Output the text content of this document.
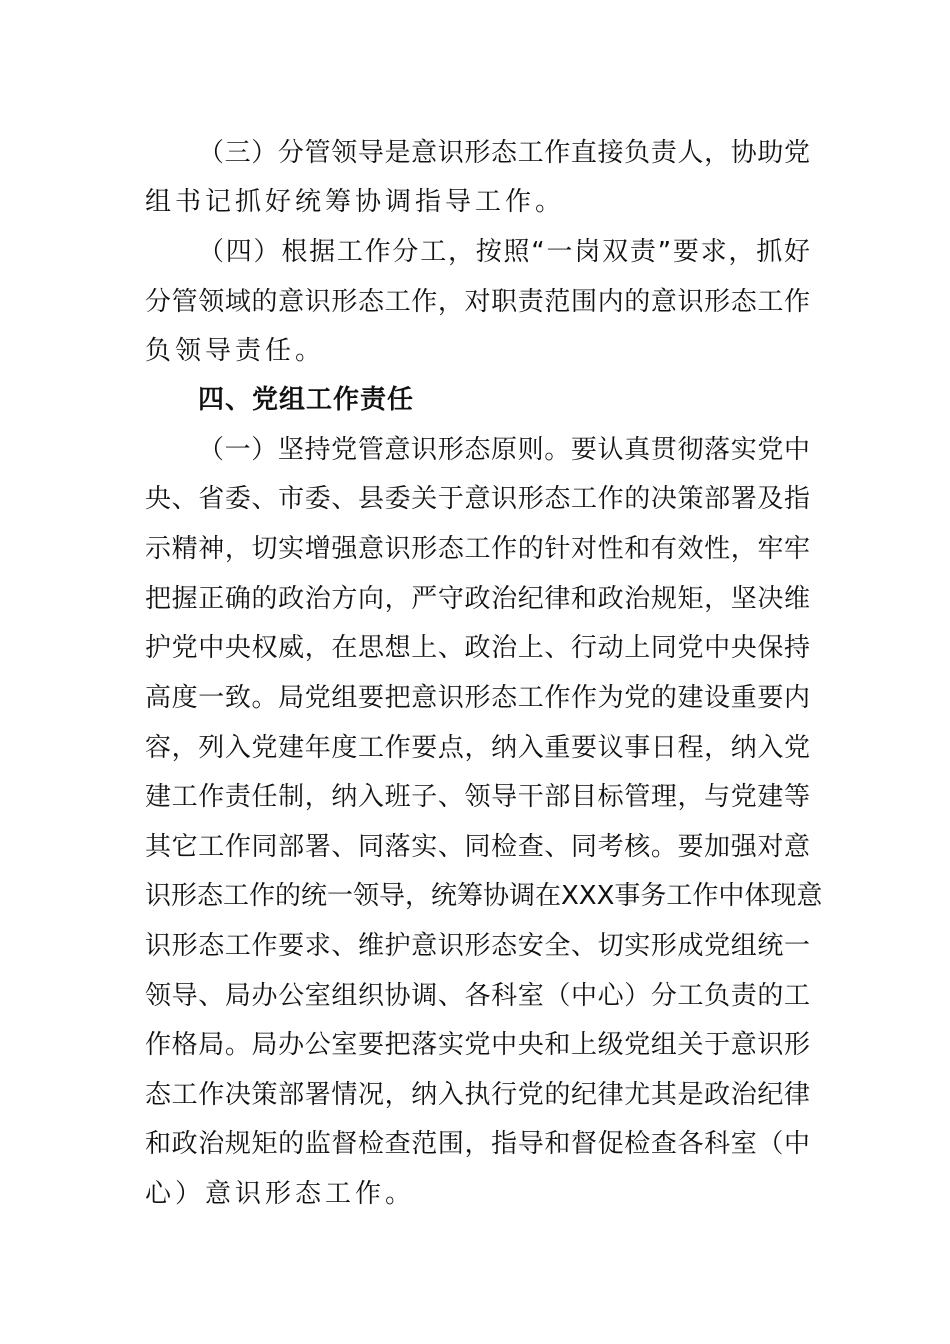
（三）分管领导是意识形态工作直接负责人，协助党
组书记抓好统筹协调指导工作。
（四）根据工作分工，按照“一岗双责”要求，抓好
分管领域的意识形态工作，对职责范围内的意识形态工作
负领导责任。
四、党组工作责任
（一）坚持党管意识形态原则。要认真贯彻落实党中
央、省委、市委、县委关于意识形态工作的决策部署及指
示精神，切实增强意识形态工作的针对性和有效性，牢牢
把握正确的政治方向，严守政治纪律和政治规矩，坚决维
护党中央权威，在思想上、政治上、行动上同党中央保持
高度一致。局党组要把意识形态工作作为党的建设重要内
容，列入党建年度工作要点，纳入重要议事日程，纳入党
建工作责任制，纳入班子、领导干部目标管理，与党建等
其它工作同部署、同落实、同检查、同考核。要加强对意
识形态工作的统一领导，统筹协调在XXX事务工作中体现意
识形态工作要求、维护意识形态安全、切实形成党组统一
领导、局办公室组织协调、各科室（中心）分工负责的工
作格局。局办公室要把落实党中央和上级党组关于意识形
态工作决策部署情况，纳入执行党的纪律尤其是政治纪律
和政治规矩的监督检查范围，指导和督促检查各科室（中
心）意识形态工作。
